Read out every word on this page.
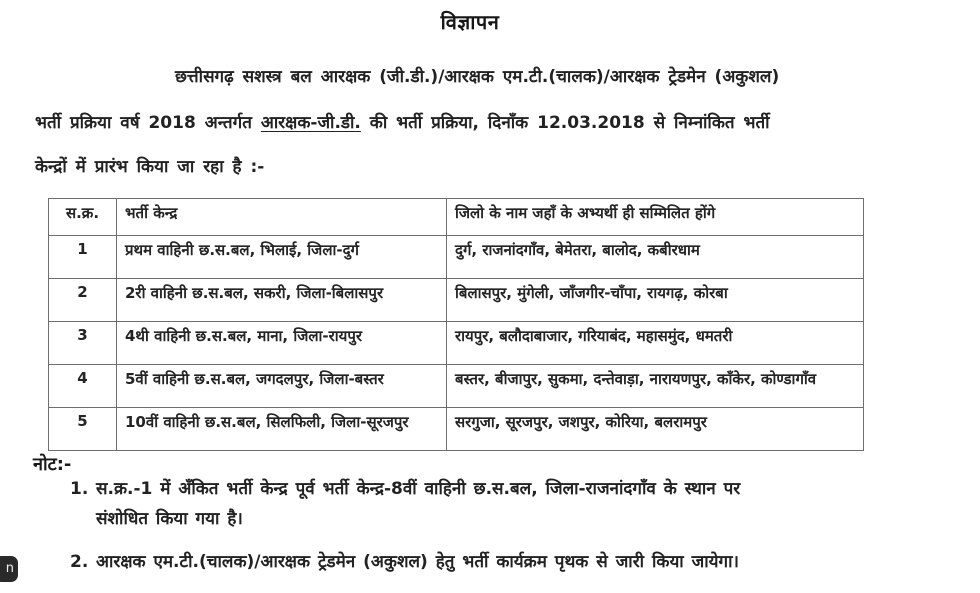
विज्ञापन
छत्तीसगढ़ सशस्त्र बल आरक्षक (जी.डी.)/आरक्षक एम.टी.(चालक)/आरक्षक ट्रेडमेन (अकुशल)
भर्ती प्रक्रिया वर्ष 2018 अन्तर्गत आरक्षक-जी.डी. की भर्ती प्रक्रिया, दिनाँक 12.03.2018 से निम्नांकित भर्ती
केन्द्रों में प्रारंभ किया जा रहा है :-
स.क्र.	भर्ती केन्द्र	जिलो के नाम जहाँ के अभ्यर्थी ही सम्मिलित होंगे
1	प्रथम वाहिनी छ.स.बल, भिलाई, जिला-दुर्ग	दुर्ग, राजनांदगाँव, बेमेतरा, बालोद, कबीरधाम
2	2री वाहिनी छ.स.बल, सकरी, जिला-बिलासपुर	बिलासपुर, मुंगेली, जाँजगीर-चाँपा, रायगढ़, कोरबा
3	4थी वाहिनी छ.स.बल, माना, जिला-रायपुर	रायपुर, बलौदाबाजार, गरियाबंद, महासमुंद, धमतरी
4	5वीं वाहिनी छ.स.बल, जगदलपुर, जिला-बस्तर	बस्तर, बीजापुर, सुकमा, दन्तेवाड़ा, नारायणपुर, काँकेर, कोण्डागाँव
5	10वीं वाहिनी छ.स.बल, सिलफिली, जिला-सूरजपुर	सरगुजा, सूरजपुर, जशपुर, कोरिया, बलरामपुर
नोट:-
1. स.क्र.-1 में अँकित भर्ती केन्द्र पूर्व भर्ती केन्द्र-8वीं वाहिनी छ.स.बल, जिला-राजनांदगाँव के स्थान पर
संशोधित किया गया है।
2. आरक्षक एम.टी.(चालक)/आरक्षक ट्रेडमेन (अकुशल) हेतु भर्ती कार्यक्रम पृथक से जारी किया जायेगा।
n
